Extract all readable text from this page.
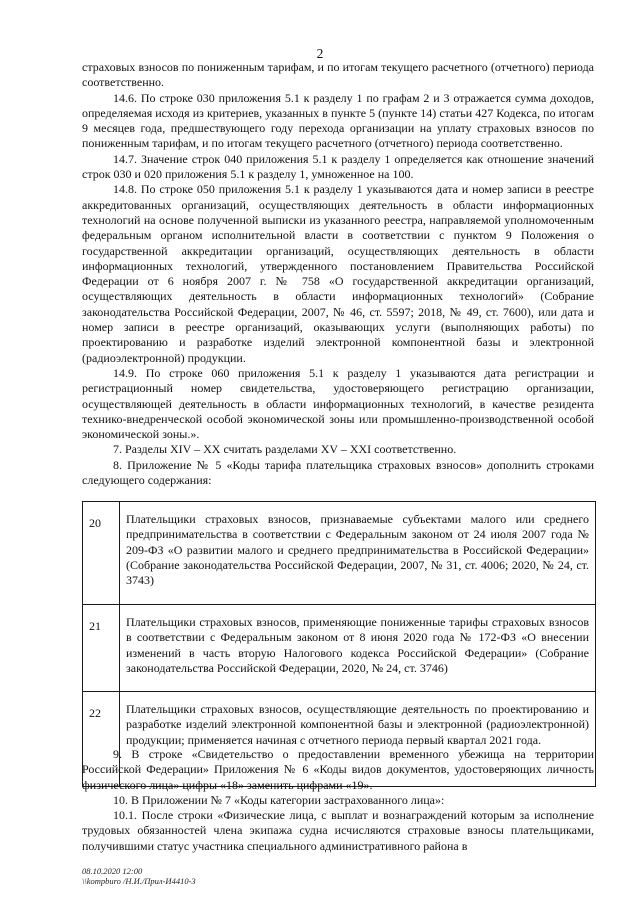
2

страховых взносов по пониженным тарифам, и по итогам текущего расчетного (отчетного) периода соответственно.

14.6. По строке 030 приложения 5.1 к разделу 1 по графам 2 и 3 отражается сумма доходов, определяемая исходя из критериев, указанных в пункте 5 (пункте 14) статьи 427 Кодекса, по итогам 9 месяцев года, предшествующего году перехода организации на уплату страховых взносов по пониженным тарифам, и по итогам текущего расчетного (отчетного) периода соответственно.

14.7. Значение строк 040 приложения 5.1 к разделу 1 определяется как отношение значений строк 030 и 020 приложения 5.1 к разделу 1, умноженное на 100.

14.8. По строке 050 приложения 5.1 к разделу 1 указываются дата и номер записи в реестре аккредитованных организаций, осуществляющих деятельность в области информационных технологий на основе полученной выписки из указанного реестра, направляемой уполномоченным федеральным органом исполнительной власти в соответствии с пунктом 9 Положения о государственной аккредитации организаций, осуществляющих деятельность в области информационных технологий, утвержденного постановлением Правительства Российской Федерации от 6 ноября 2007 г. № 758 «О государственной аккредитации организаций, осуществляющих деятельность в области информационных технологий» (Собрание законодательства Российской Федерации, 2007, № 46, ст. 5597; 2018, № 49, ст. 7600), или дата и номер записи в реестре организаций, оказывающих услуги (выполняющих работы) по проектированию и разработке изделий электронной компонентной базы и электронной (радиоэлектронной) продукции.

14.9. По строке 060 приложения 5.1 к разделу 1 указываются дата регистрации и регистрационный номер свидетельства, удостоверяющего регистрацию организации, осуществляющей деятельность в области информационных технологий, в качестве резидента технико-внедренческой особой экономической зоны или промышленно-производственной особой экономической зоны.».

7. Разделы XIV – XX считать разделами XV – XXI соответственно.

8. Приложение № 5 «Коды тарифа плательщика страховых взносов» дополнить строками следующего содержания:

20	Плательщики страховых взносов, признаваемые субъектами малого или среднего предпринимательства в соответствии с Федеральным законом от 24 июля 2007 года № 209-ФЗ «О развитии малого и среднего предпринимательства в Российской Федерации» (Собрание законодательства Российской Федерации, 2007, № 31, ст. 4006; 2020, № 24, ст. 3743)
21	Плательщики страховых взносов, применяющие пониженные тарифы страховых взносов в соответствии с Федеральным законом от 8 июня 2020 года № 172-ФЗ «О внесении изменений в часть вторую Налогового кодекса Российской Федерации» (Собрание законодательства Российской Федерации, 2020, № 24, ст. 3746)
22	Плательщики страховых взносов, осуществляющие деятельность по проектированию и разработке изделий электронной компонентной базы и электронной (радиоэлектронной) продукции; применяется начиная с отчетного периода первый квартал 2021 года.

9. В строке «Свидетельство о предоставлении временного убежища на территории Российской Федерации» Приложения № 6 «Коды видов документов, удостоверяющих личность физического лица» цифры «18» заменить цифрами «19».

10. В Приложении № 7 «Коды категории застрахованного лица»:

10.1. После строки «Физические лица, с выплат и вознаграждений которым за исполнение трудовых обязанностей члена экипажа судна исчисляются страховые взносы плательщиками, получившими статус участника специального административного района в

08.10.2020 12:00
\\kompburo /Н.И./Прил-И4410-3
